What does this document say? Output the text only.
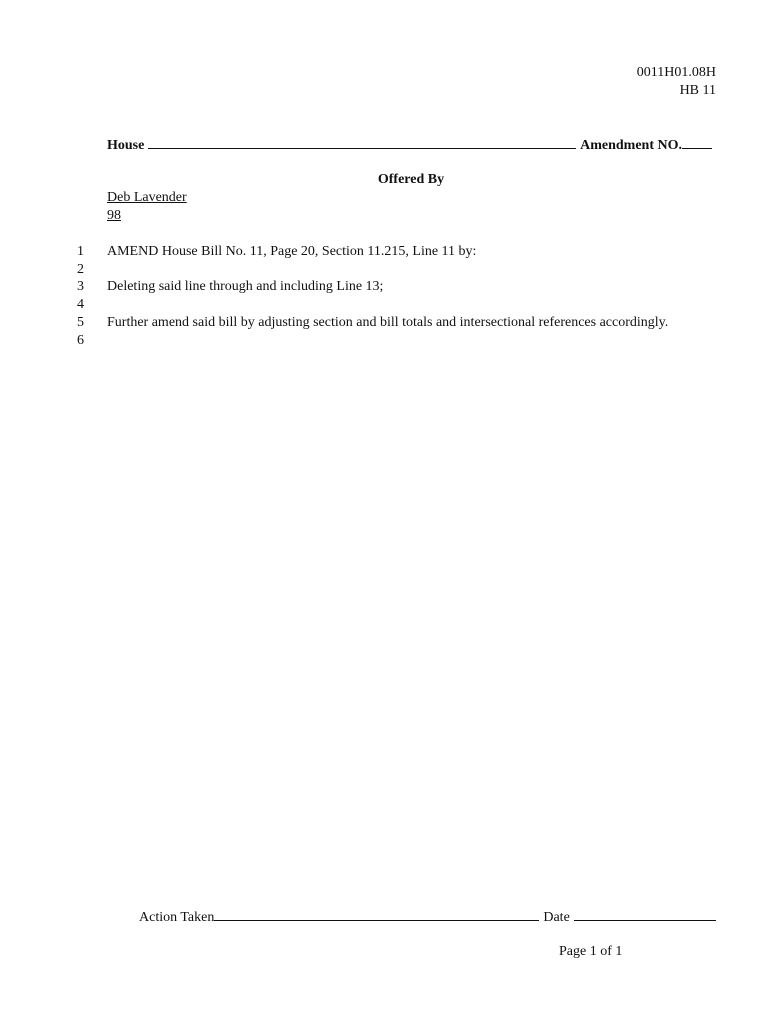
0011H01.08H
HB 11
House	Amendment NO.
Offered By
Deb Lavender
98
1 AMEND House Bill No. 11, Page 20, Section 11.215, Line 11 by:
2
3 Deleting said line through and including Line 13;
4
5 Further amend said bill by adjusting section and bill totals and intersectional references accordingly.
6
Action Taken	Date
Page 1 of 1
